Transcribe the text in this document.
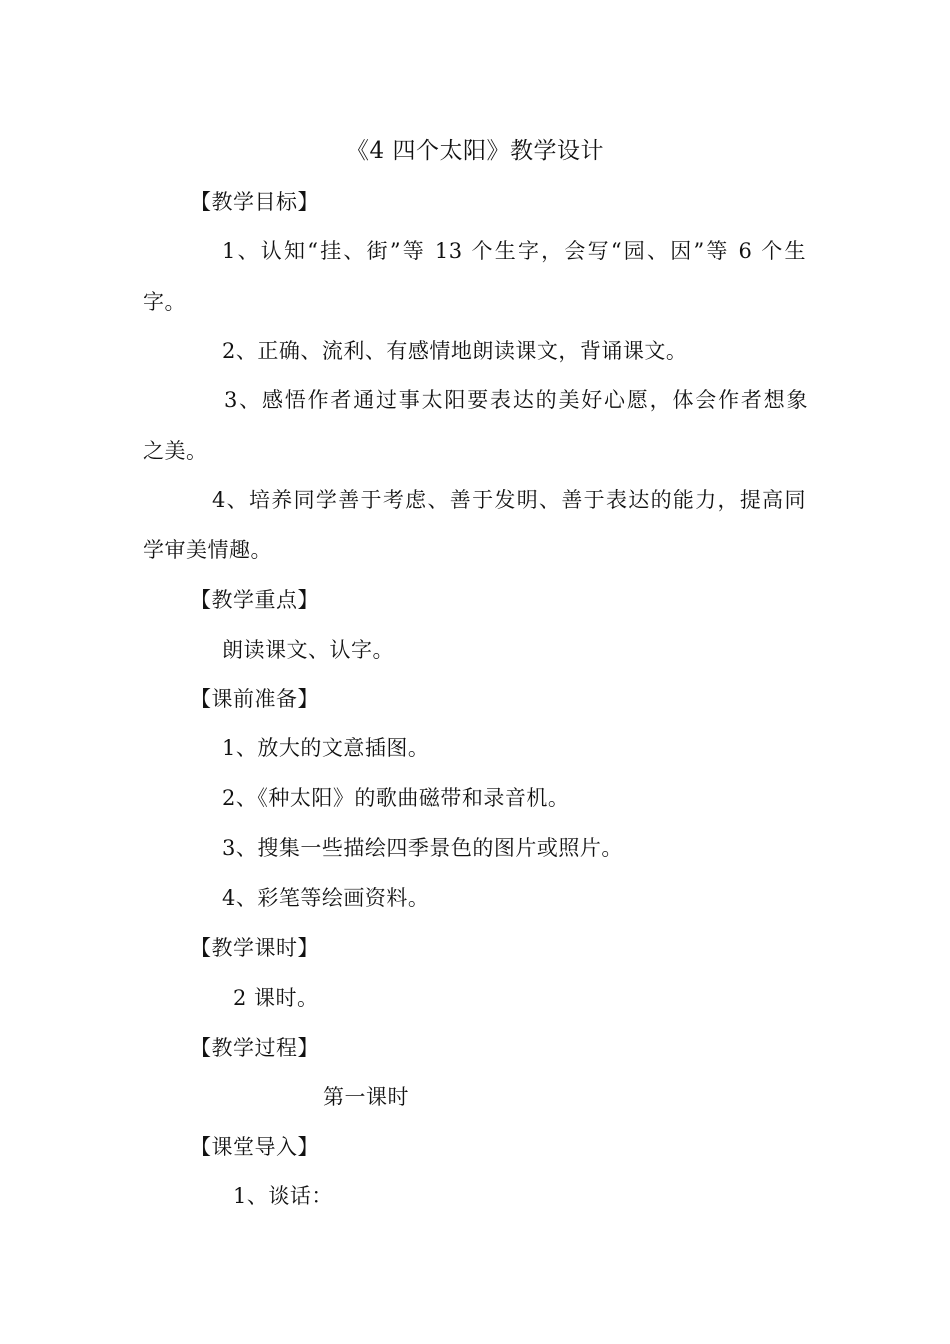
《4 四个太阳》教学设计
【教学目标】
1、认知“挂、街”等 13 个生字，会写“园、因”等 6 个生
字。
2、正确、流利、有感情地朗读课文，背诵课文。
3、感悟作者通过事太阳要表达的美好心愿，体会作者想象
之美。
4、培养同学善于考虑、善于发明、善于表达的能力，提高同
学审美情趣。
【教学重点】
朗读课文、认字。
【课前准备】
1、放大的文意插图。
2、《种太阳》的歌曲磁带和录音机。
3、搜集一些描绘四季景色的图片或照片。
4、彩笔等绘画资料。
【教学课时】
2 课时。
【教学过程】
第一课时
【课堂导入】
1、谈话：
